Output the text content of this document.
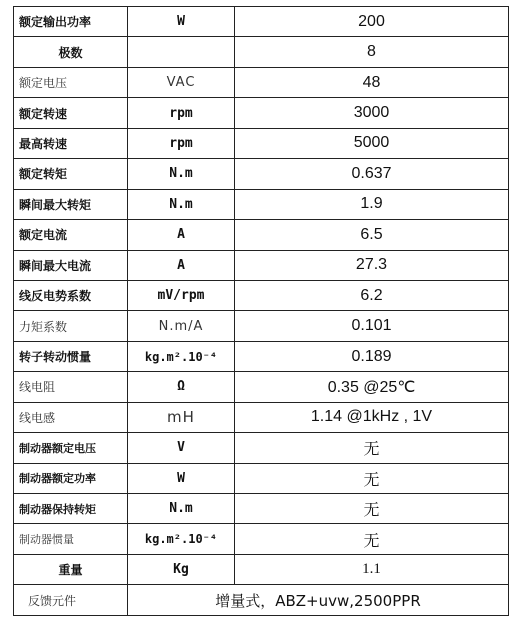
额定输出功率	W	200
极数		8
额定电压	VAC	48
额定转速	rpm	3000
最高转速	rpm	5000
额定转矩	N.m	0.637
瞬间最大转矩	N.m	1.9
额定电流	A	6.5
瞬间最大电流	A	27.3
线反电势系数	mV/rpm	6.2
力矩系数	N.m/A	0.101
转子转动惯量	kg.m².10⁻⁴	0.189
线电阻	Ω	0.35 @25℃
线电感	mH	1.14 @1kHz , 1V
制动器额定电压	V	无
制动器额定功率	W	无
制动器保持转矩	N.m	无
制动器惯量	kg.m².10⁻⁴	无
重量	Kg	1.1
反馈元件	增量式，ABZ+uvw,2500PPR	
